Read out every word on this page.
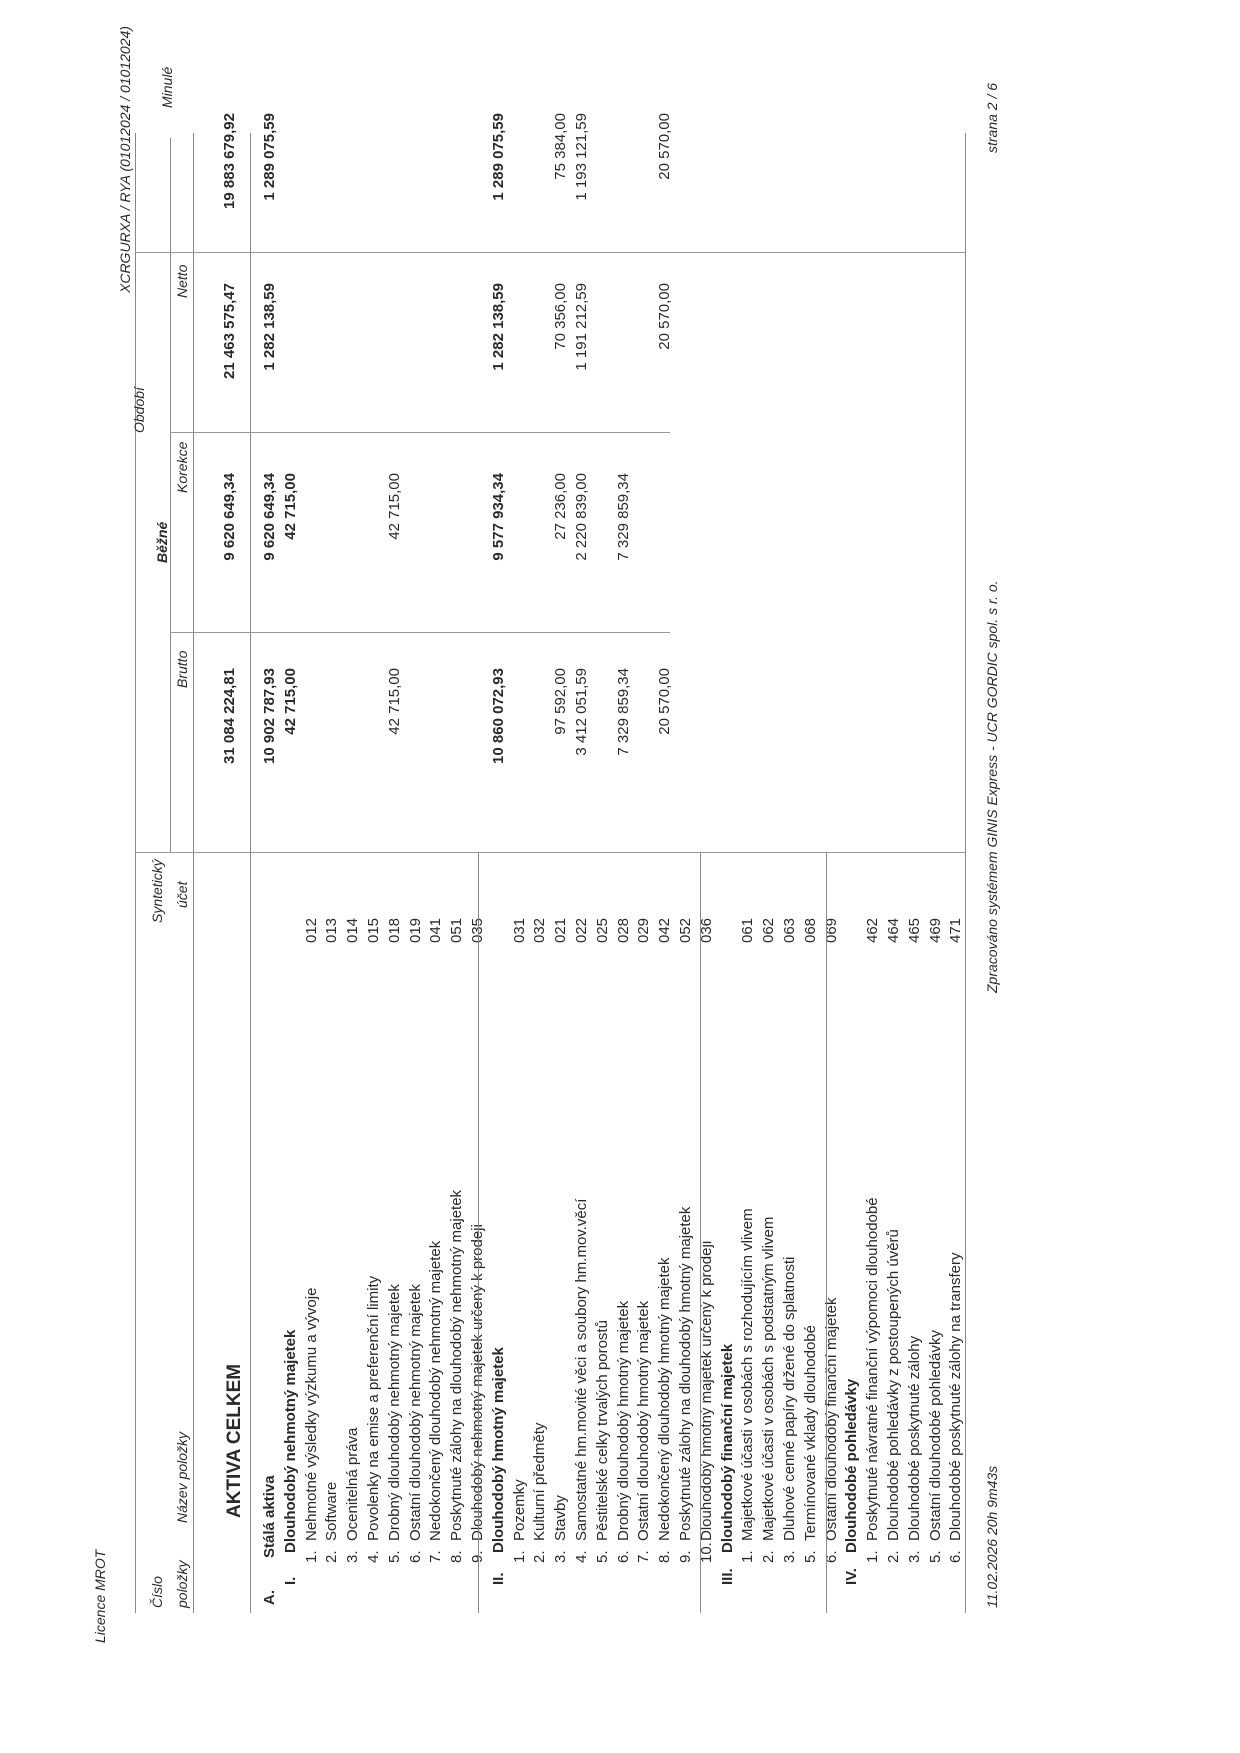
Licence MROT
XCRGURXA / RYA (01012024 / 01012024)
Číslo položky
Název položky
Syntetický účet
Období
Běžné
Brutto
Korekce
Netto
Minulé
AKTIVA CELKEM
31 084 224,81
9 620 649,34
21 463 575,47
19 883 679,92
A.
Stálá aktiva
10 902 787,93
9 620 649,34
1 282 138,59
1 289 075,59
I.
Dlouhodobý nehmotný majetek
42 715,00
42 715,00
1.
Nehmotné výsledky výzkumu a vývoje
012
2.
Software
013
3.
Ocenitelná práva
014
4.
Povolenky na emise a preferenční limity
015
5.
Drobný dlouhodobý nehmotný majetek
018
42 715,00
42 715,00
6.
Ostatní dlouhodobý nehmotný majetek
019
7.
Nedokončený dlouhodobý nehmotný majetek
041
8.
Poskytnuté zálohy na dlouhodobý nehmotný majetek
051
9.
Dlouhodobý nehmotný majetek určený k prodeji
035
II.
Dlouhodobý hmotný majetek
10 860 072,93
9 577 934,34
1 282 138,59
1 289 075,59
1.
Pozemky
031
2.
Kulturní předměty
032
3.
Stavby
021
97 592,00
27 236,00
70 356,00
75 384,00
4.
Samostatné hm.movité věci a soubory hm.mov.věcí
022
3 412 051,59
2 220 839,00
1 191 212,59
1 193 121,59
5.
Pěstitelské celky trvalých porostů
025
6.
Drobný dlouhodobý hmotný majetek
028
7 329 859,34
7 329 859,34
7.
Ostatní dlouhodobý hmotný majetek
029
8.
Nedokončený dlouhodobý hmotný majetek
042
20 570,00
20 570,00
20 570,00
9.
Poskytnuté zálohy na dlouhodobý hmotný majetek
052
10.
Dlouhodobý hmotný majetek určený k prodeji
036
III.
Dlouhodobý finanční majetek
1.
Majetkové účasti v osobách s rozhodujícím vlivem
061
2.
Majetkové účasti v osobách s podstatným vlivem
062
3.
Dluhové cenné papíry držené do splatnosti
063
5.
Termínované vklady dlouhodobé
068
6.
Ostatní dlouhodobý finanční majetek
069
IV.
Dlouhodobé pohledávky
1.
Poskytnuté návratné finanční výpomoci dlouhodobé
462
2.
Dlouhodobé pohledávky z postoupených úvěrů
464
3.
Dlouhodobé poskytnuté zálohy
465
5.
Ostatní dlouhodobé pohledávky
469
6.
Dlouhodobé poskytnuté zálohy na transfery
471
11.02.2026 20h 9m43s
Zpracováno systémem GINIS Express - UCR GORDIC spol. s r. o.
strana 2 / 6
